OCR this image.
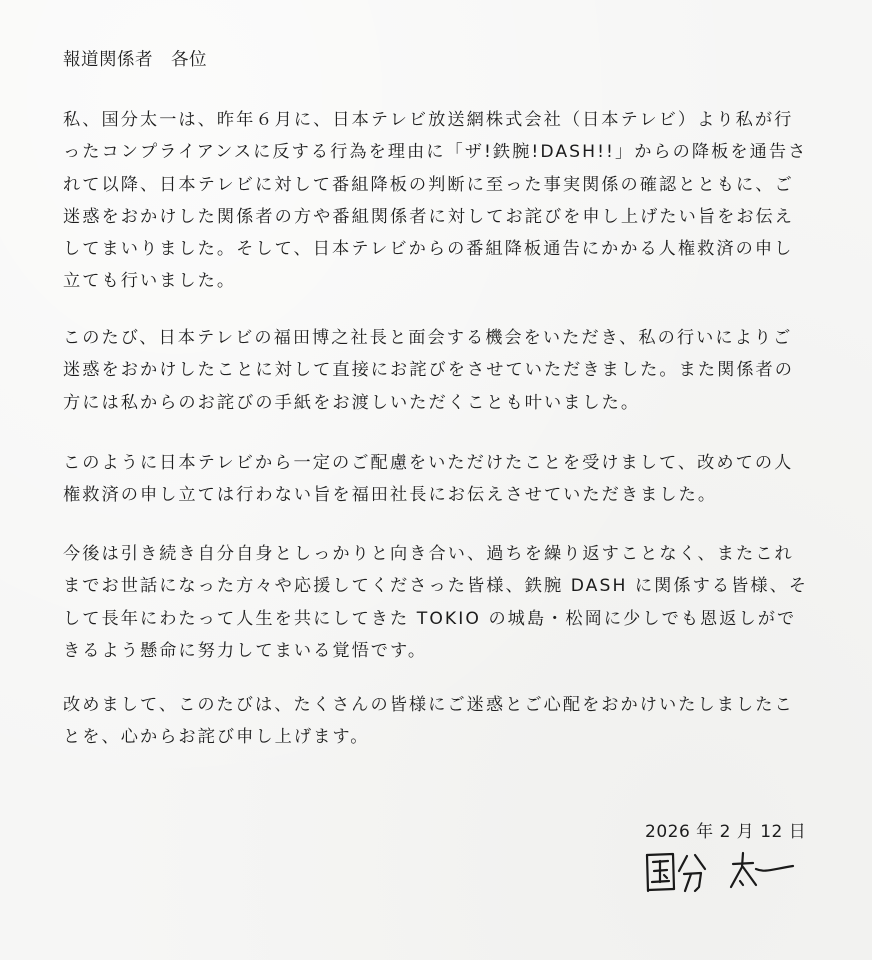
報道関係者　各位
私、国分太一は、昨年６月に、日本テレビ放送網株式会社（日本テレビ）より私が行
ったコンプライアンスに反する行為を理由に「ザ!鉄腕!DASH!!」からの降板を通告さ
れて以降、日本テレビに対して番組降板の判断に至った事実関係の確認とともに、ご
迷惑をおかけした関係者の方や番組関係者に対してお詫びを申し上げたい旨をお伝え
してまいりました。そして、日本テレビからの番組降板通告にかかる人権救済の申し
立ても行いました。
このたび、日本テレビの福田博之社長と面会する機会をいただき、私の行いによりご
迷惑をおかけしたことに対して直接にお詫びをさせていただきました。また関係者の
方には私からのお詫びの手紙をお渡しいただくことも叶いました。
このように日本テレビから一定のご配慮をいただけたことを受けまして、改めての人
権救済の申し立ては行わない旨を福田社長にお伝えさせていただきました。
今後は引き続き自分自身としっかりと向き合い、過ちを繰り返すことなく、またこれ
までお世話になった方々や応援してくださった皆様、鉄腕 DASH に関係する皆様、そ
して長年にわたって人生を共にしてきた TOKIO の城島・松岡に少しでも恩返しがで
きるよう懸命に努力してまいる覚悟です。
改めまして、このたびは、たくさんの皆様にご迷惑とご心配をおかけいたしましたこ
とを、心からお詫び申し上げます。
2026 年 2 月 12 日
